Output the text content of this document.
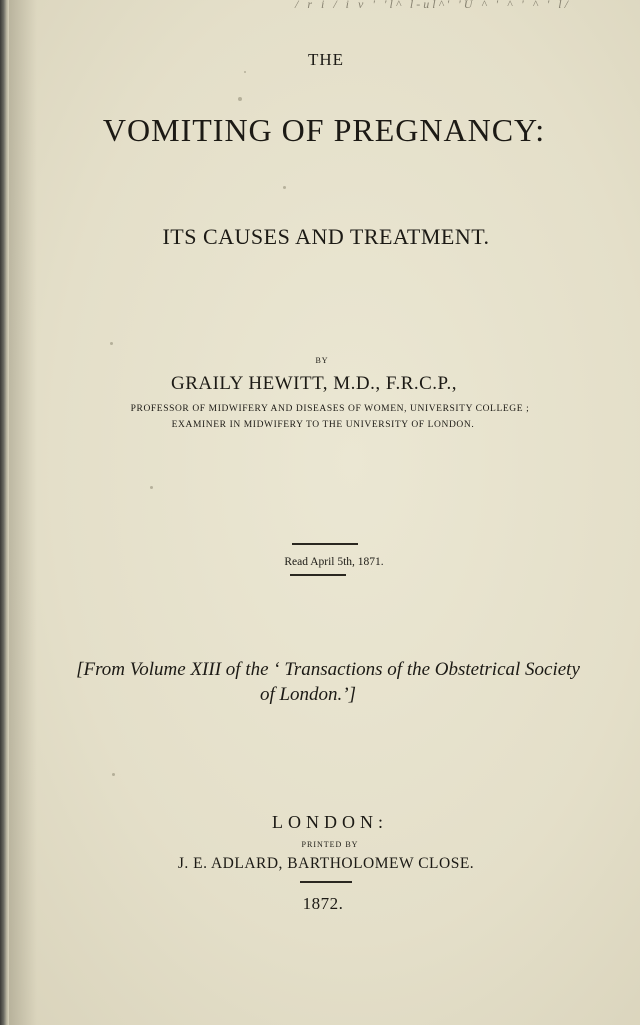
/ r i / i v ' 'l^ l-ul^' 'U ^ ' ^ ' ^ ' l/
THE
VOMITING OF PREGNANCY:
ITS CAUSES AND TREATMENT.
BY
GRAILY HEWITT, M.D., F.R.C.P.,
PROFESSOR OF MIDWIFERY AND DISEASES OF WOMEN, UNIVERSITY COLLEGE ;
EXAMINER IN MIDWIFERY TO THE UNIVERSITY OF LONDON.
Read April 5th, 1871.
[From Volume XIII of the ‘ Transactions of the Obstetrical Society
of London.’]
LONDON:
PRINTED BY
J. E. ADLARD, BARTHOLOMEW CLOSE.
1872.
